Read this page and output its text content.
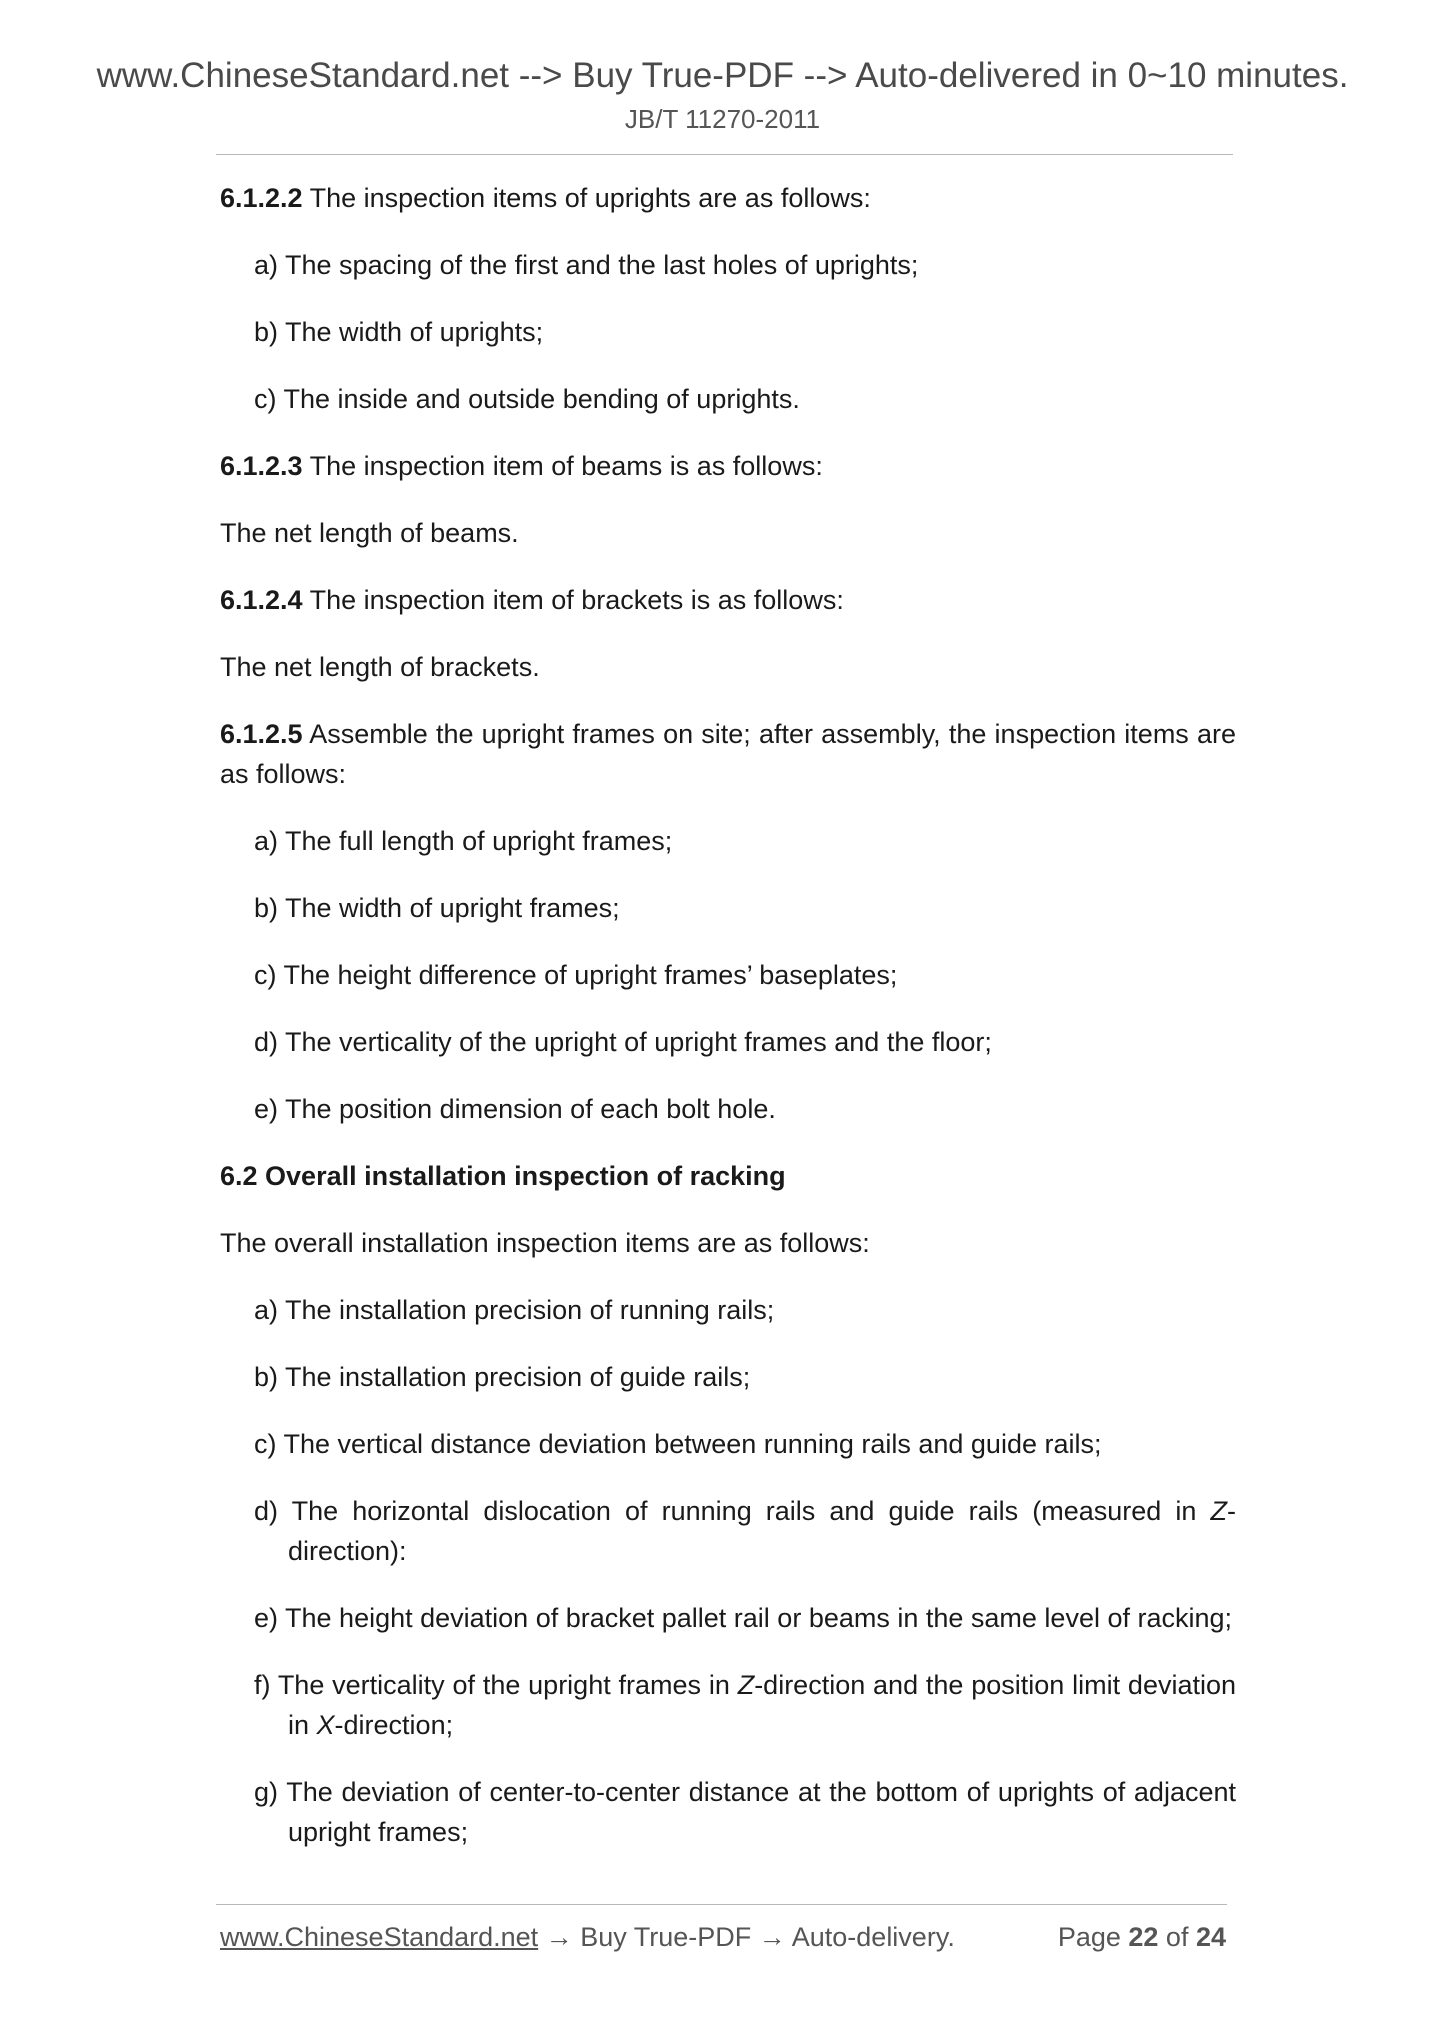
www.ChineseStandard.net --> Buy True-PDF --> Auto-delivered in 0~10 minutes.
JB/T 11270-2011

6.1.2.2 The inspection items of uprights are as follows:

a) The spacing of the first and the last holes of uprights;

b) The width of uprights;

c) The inside and outside bending of uprights.

6.1.2.3 The inspection item of beams is as follows:

The net length of beams.

6.1.2.4 The inspection item of brackets is as follows:

The net length of brackets.

6.1.2.5 Assemble the upright frames on site; after assembly, the inspection items are as follows:

a) The full length of upright frames;

b) The width of upright frames;

c) The height difference of upright frames’ baseplates;

d) The verticality of the upright of upright frames and the floor;

e) The position dimension of each bolt hole.

6.2 Overall installation inspection of racking

The overall installation inspection items are as follows:

a) The installation precision of running rails;

b) The installation precision of guide rails;

c) The vertical distance deviation between running rails and guide rails;

d) The horizontal dislocation of running rails and guide rails (measured in Z-direction):

e) The height deviation of bracket pallet rail or beams in the same level of racking;

f) The verticality of the upright frames in Z-direction and the position limit deviation in X-direction;

g) The deviation of center-to-center distance at the bottom of uprights of adjacent upright frames;

www.ChineseStandard.net → Buy True-PDF → Auto-delivery.	Page 22 of 24
